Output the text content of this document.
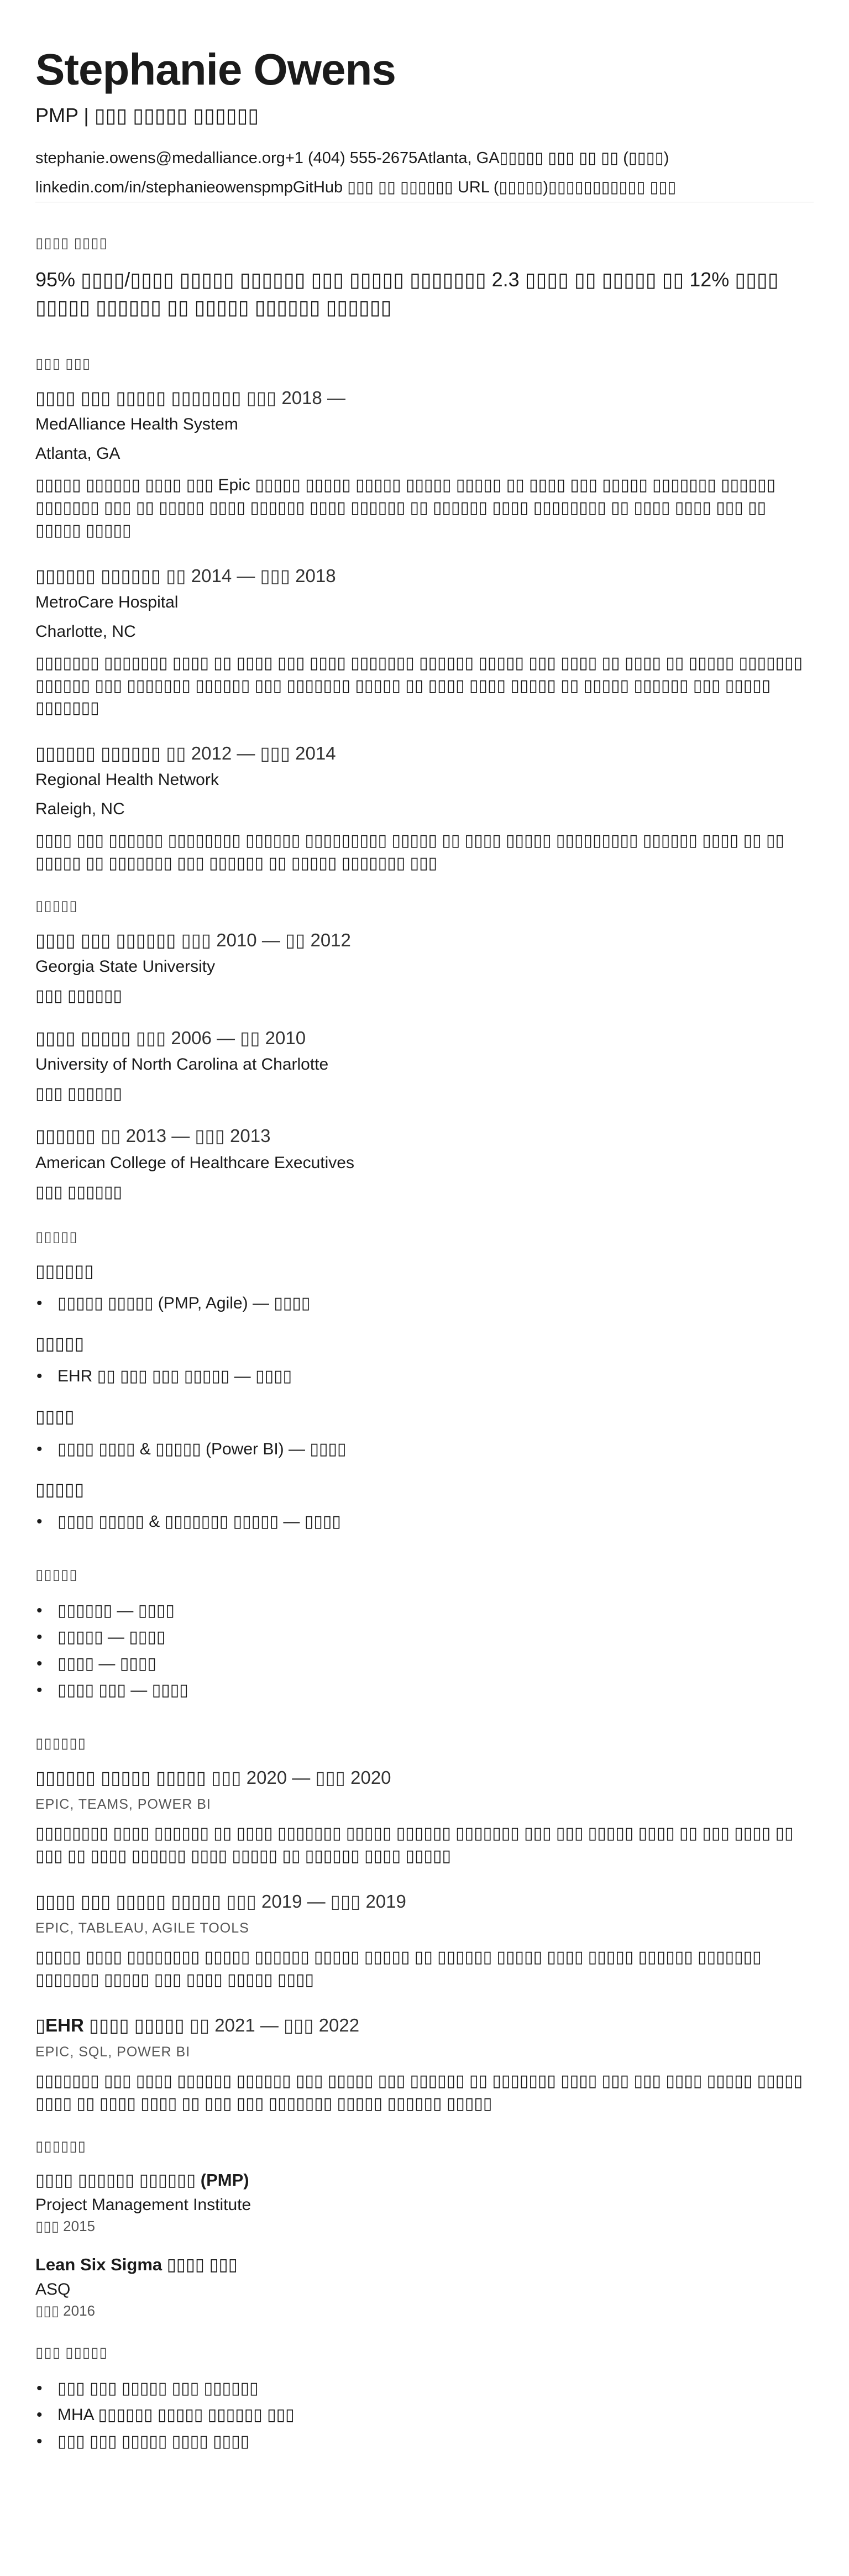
Stephanie Owens
PMP | ▯▯▯ ▯▯▯▯▯ ▯▯▯▯▯▯
stephanie.owens@medalliance.org+1 (404) 555-2675Atlanta, GA▯▯▯▯▯ ▯▯▯ ▯▯ ▯▯ (▯▯▯▯)
linkedin.com/in/stephanieowenspmpGitHub ▯▯▯ ▯▯ ▯▯▯▯▯▯ URL (▯▯▯▯▯)▯▯▯▯▯▯▯▯▯▯▯ ▯▯▯
▯▯▯▯ ▯▯▯▯

95% ▯▯▯▯/▯▯▯▯ ▯▯▯▯▯ ▯▯▯▯▯▯ ▯▯▯ ▯▯▯▯▯ ▯▯▯▯▯▯▯ 2.3 ▯▯▯▯ ▯▯ ▯▯▯▯▯ ▯▯ 12% ▯▯▯▯ ▯▯▯▯▯ ▯▯▯▯▯▯ ▯▯ ▯▯▯▯▯ ▯▯▯▯▯▯ ▯▯▯▯▯▯

▯▯▯ ▯▯▯
▯▯▯▯ ▯▯▯ ▯▯▯▯▯ ▯▯▯▯▯▯▯ ▯▯▯ 2018 —
MedAlliance Health System
Atlanta, GA

▯▯▯▯▯ ▯▯▯▯▯▯ ▯▯▯▯ ▯▯▯ Epic ▯▯▯▯▯ ▯▯▯▯▯ ▯▯▯▯▯ ▯▯▯▯▯ ▯▯▯▯▯ ▯▯ ▯▯▯▯ ▯▯▯ ▯▯▯▯▯ ▯▯▯▯▯▯▯ ▯▯▯▯▯▯ ▯▯▯▯▯▯▯ ▯▯▯ ▯▯ ▯▯▯▯▯ ▯▯▯▯ ▯▯▯▯▯▯ ▯▯▯▯ ▯▯▯▯▯▯ ▯▯ ▯▯▯▯▯▯ ▯▯▯▯ ▯▯▯▯▯▯▯▯ ▯▯ ▯▯▯▯ ▯▯▯▯ ▯▯▯ ▯▯ ▯▯▯▯▯ ▯▯▯▯▯

▯▯▯▯▯▯ ▯▯▯▯▯▯ ▯▯ 2014 — ▯▯▯ 2018
MetroCare Hospital
Charlotte, NC

▯▯▯▯▯▯▯ ▯▯▯▯▯▯▯ ▯▯▯▯ ▯▯ ▯▯▯▯ ▯▯▯ ▯▯▯▯ ▯▯▯▯▯▯▯ ▯▯▯▯▯▯ ▯▯▯▯▯ ▯▯▯ ▯▯▯▯ ▯▯ ▯▯▯▯ ▯▯ ▯▯▯▯▯ ▯▯▯▯▯▯▯ ▯▯▯▯▯▯ ▯▯▯ ▯▯▯▯▯▯▯ ▯▯▯▯▯▯ ▯▯▯ ▯▯▯▯▯▯▯ ▯▯▯▯▯ ▯▯ ▯▯▯▯ ▯▯▯▯ ▯▯▯▯▯ ▯▯ ▯▯▯▯▯ ▯▯▯▯▯▯ ▯▯▯ ▯▯▯▯▯ ▯▯▯▯▯▯▯

▯▯▯▯▯▯ ▯▯▯▯▯▯ ▯▯ 2012 — ▯▯▯ 2014
Regional Health Network
Raleigh, NC

▯▯▯▯ ▯▯▯ ▯▯▯▯▯▯ ▯▯▯▯▯▯▯▯ ▯▯▯▯▯▯ ▯▯▯▯▯▯▯▯▯ ▯▯▯▯▯ ▯▯ ▯▯▯▯ ▯▯▯▯▯ ▯▯▯▯▯▯▯▯▯ ▯▯▯▯▯▯ ▯▯▯▯ ▯▯ ▯▯ ▯▯▯▯▯ ▯▯ ▯▯▯▯▯▯▯ ▯▯▯ ▯▯▯▯▯▯ ▯▯ ▯▯▯▯▯ ▯▯▯▯▯▯▯ ▯▯▯

▯▯▯▯▯
▯▯▯▯ ▯▯▯ ▯▯▯▯▯▯ ▯▯▯ 2010 — ▯▯ 2012
Georgia State University
▯▯▯ ▯▯▯▯▯▯
▯▯▯▯ ▯▯▯▯▯ ▯▯▯ 2006 — ▯▯ 2010
University of North Carolina at Charlotte
▯▯▯ ▯▯▯▯▯▯
▯▯▯▯▯▯ ▯▯ 2013 — ▯▯▯ 2013
American College of Healthcare Executives
▯▯▯ ▯▯▯▯▯▯
▯▯▯▯▯
▯▯▯▯▯▯
• ▯▯▯▯▯ ▯▯▯▯▯ (PMP, Agile) — ▯▯▯▯
▯▯▯▯▯
• EHR ▯▯ ▯▯▯ ▯▯▯ ▯▯▯▯▯ — ▯▯▯▯
▯▯▯▯
• ▯▯▯▯ ▯▯▯▯ & ▯▯▯▯▯ (Power BI) — ▯▯▯▯
▯▯▯▯▯
• ▯▯▯▯ ▯▯▯▯▯ & ▯▯▯▯▯▯▯ ▯▯▯▯▯ — ▯▯▯▯
▯▯▯▯▯
• ▯▯▯▯▯▯ — ▯▯▯▯
• ▯▯▯▯▯ — ▯▯▯▯
• ▯▯▯▯ — ▯▯▯▯
• ▯▯▯▯ ▯▯▯ — ▯▯▯▯
▯▯▯▯▯▯
▯▯▯▯▯▯ ▯▯▯▯▯ ▯▯▯▯▯ ▯▯▯ 2020 — ▯▯▯ 2020
EPIC, TEAMS, POWER BI

▯▯▯▯▯▯▯▯ ▯▯▯▯ ▯▯▯▯▯▯ ▯▯ ▯▯▯▯ ▯▯▯▯▯▯▯ ▯▯▯▯▯ ▯▯▯▯▯▯ ▯▯▯▯▯▯▯ ▯▯▯ ▯▯▯ ▯▯▯▯▯ ▯▯▯▯ ▯▯ ▯▯▯ ▯▯▯▯ ▯▯ ▯▯▯ ▯▯ ▯▯▯▯ ▯▯▯▯▯▯ ▯▯▯▯ ▯▯▯▯▯ ▯▯ ▯▯▯▯▯▯ ▯▯▯▯ ▯▯▯▯▯

▯▯▯▯ ▯▯▯ ▯▯▯▯▯ ▯▯▯▯▯ ▯▯▯ 2019 — ▯▯▯ 2019
EPIC, TABLEAU, AGILE TOOLS

▯▯▯▯▯ ▯▯▯▯ ▯▯▯▯▯▯▯▯ ▯▯▯▯▯ ▯▯▯▯▯▯ ▯▯▯▯▯ ▯▯▯▯▯ ▯▯ ▯▯▯▯▯▯ ▯▯▯▯▯ ▯▯▯▯ ▯▯▯▯▯ ▯▯▯▯▯▯ ▯▯▯▯▯▯▯ ▯▯▯▯▯▯▯ ▯▯▯▯▯ ▯▯▯ ▯▯▯▯ ▯▯▯▯▯ ▯▯▯▯

▯EHR ▯▯▯▯ ▯▯▯▯▯ ▯▯ 2021 — ▯▯▯ 2022
EPIC, SQL, POWER BI

▯▯▯▯▯▯▯ ▯▯▯ ▯▯▯▯ ▯▯▯▯▯▯ ▯▯▯▯▯▯ ▯▯▯ ▯▯▯▯▯ ▯▯▯ ▯▯▯▯▯▯ ▯▯ ▯▯▯▯▯▯▯ ▯▯▯▯ ▯▯▯ ▯▯▯ ▯▯▯▯ ▯▯▯▯▯ ▯▯▯▯▯ ▯▯▯▯ ▯▯ ▯▯▯▯ ▯▯▯▯ ▯▯ ▯▯▯ ▯▯▯ ▯▯▯▯▯▯▯ ▯▯▯▯▯ ▯▯▯▯▯▯ ▯▯▯▯▯

▯▯▯▯▯▯
▯▯▯▯ ▯▯▯▯▯▯ ▯▯▯▯▯▯ (PMP)
Project Management Institute
▯▯▯ 2015
Lean Six Sigma ▯▯▯▯ ▯▯▯
ASQ
▯▯▯ 2016
▯▯▯ ▯▯▯▯▯
• ▯▯▯ ▯▯▯ ▯▯▯▯▯ ▯▯▯ ▯▯▯▯▯▯
• MHA ▯▯▯▯▯▯ ▯▯▯▯▯ ▯▯▯▯▯▯ ▯▯▯
• ▯▯▯ ▯▯▯ ▯▯▯▯▯ ▯▯▯▯ ▯▯▯▯
